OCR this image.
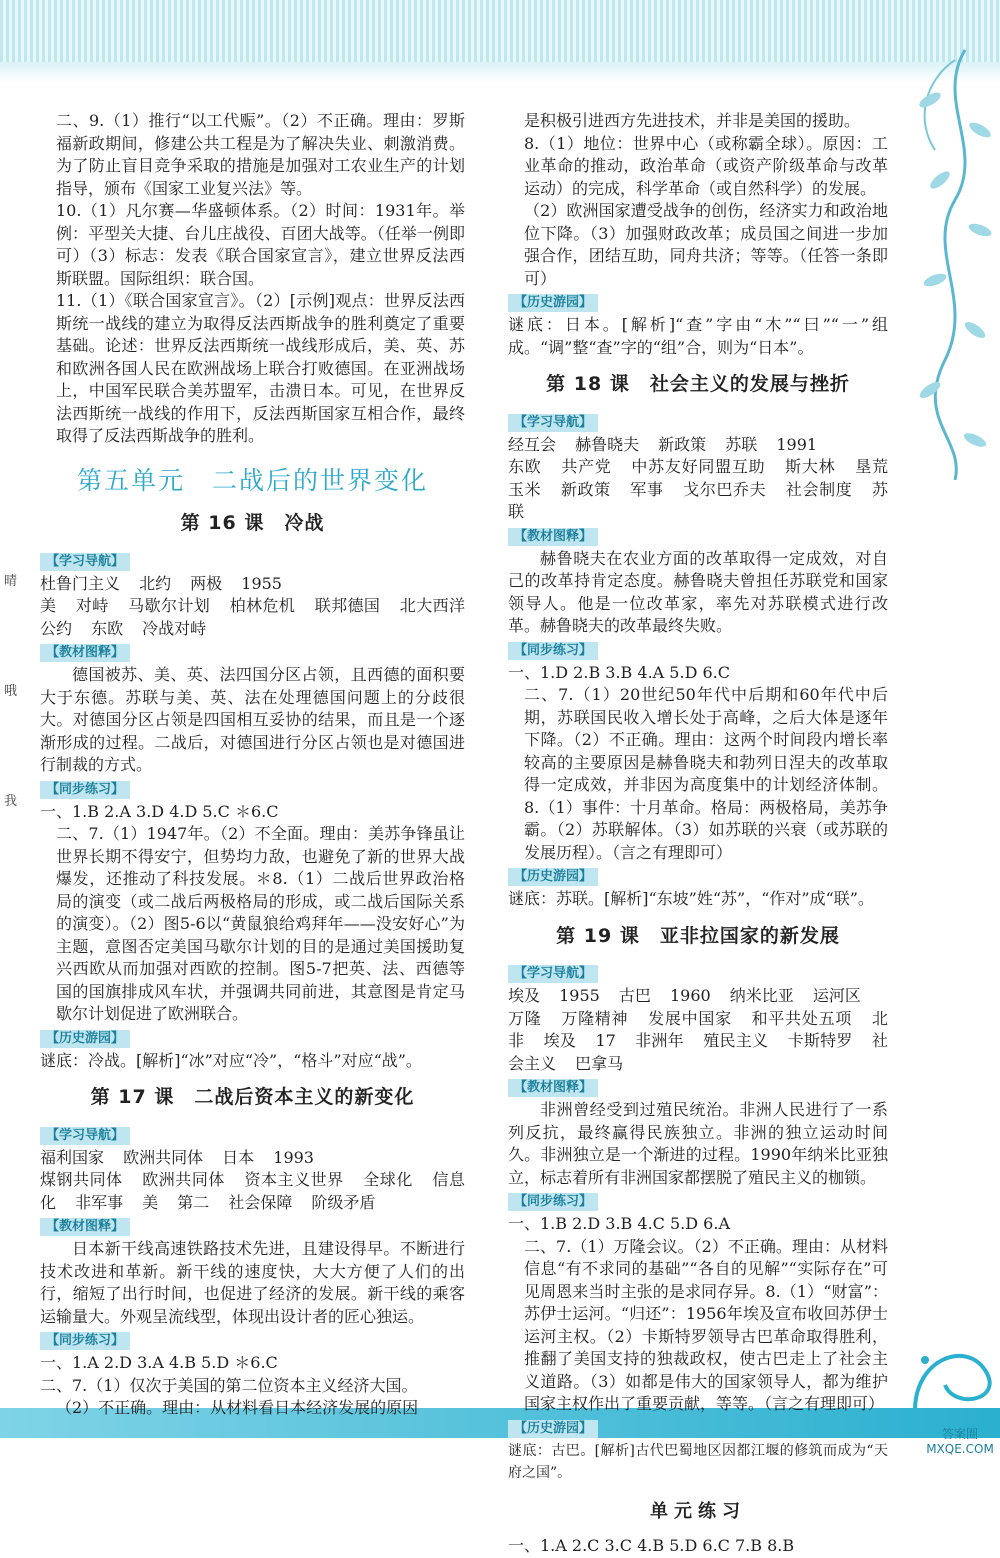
答案圈 MXQE.COM
晴
哦
我

二、9.（1）推行“以工代赈”。（2）不正确。理由：罗斯福新政期间，修建公共工程是为了解决失业、刺激消费。为了防止盲目竞争采取的措施是加强对工农业生产的计划指导，颁布《国家工业复兴法》等。

10.（1）凡尔赛—华盛顿体系。（2）时间：1931年。举例：平型关大捷、台儿庄战役、百团大战等。（任举一例即可）（3）标志：发表《联合国家宣言》，建立世界反法西斯联盟。国际组织：联合国。

11.（1）《联合国家宣言》。（2）[示例]观点：世界反法西斯统一战线的建立为取得反法西斯战争的胜利奠定了重要基础。论述：世界反法西斯统一战线形成后，美、英、苏和欧洲各国人民在欧洲战场上联合打败德国。在亚洲战场上，中国军民联合美苏盟军，击溃日本。可见，在世界反法西斯统一战线的作用下，反法西斯国家互相合作，最终取得了反法西斯战争的胜利。

第五单元　二战后的世界变化
第 16 课　冷战
【学习导航】

杜鲁门主义 北约 两极 1955

美 对峙 马歇尔计划 柏林危机 联邦德国 北大西洋公约 东欧 冷战对峙

【教材图释】

德国被苏、美、英、法四国分区占领，且西德的面积要大于东德。苏联与美、英、法在处理德国问题上的分歧很大。对德国分区占领是四国相互妥协的结果，而且是一个逐渐形成的过程。二战后，对德国进行分区占领也是对德国进行制裁的方式。

【同步练习】

一、1.B 2.A 3.D 4.D 5.C ＊6.C

二、7.（1）1947年。（2）不全面。理由：美苏争锋虽让世界长期不得安宁，但势均力敌，也避免了新的世界大战爆发，还推动了科技发展。＊8.（1）二战后世界政治格局的演变（或二战后两极格局的形成，或二战后国际关系的演变）。（2）图5-6以“黄鼠狼给鸡拜年——没安好心”为主题，意图否定美国马歇尔计划的目的是通过美国援助复兴西欧从而加强对西欧的控制。图5-7把英、法、西德等国的国旗排成风车状，并强调共同前进，其意图是肯定马歇尔计划促进了欧洲联合。

【历史游园】

谜底：冷战。[解析]“冰”对应“冷”，“格斗”对应“战”。

第 17 课　二战后资本主义的新变化
【学习导航】

福利国家 欧洲共同体 日本 1993

煤钢共同体 欧洲共同体 资本主义世界 全球化 信息化 非军事 美 第二 社会保障 阶级矛盾

【教材图释】

日本新干线高速铁路技术先进，且建设得早。不断进行技术改进和革新。新干线的速度快，大大方便了人们的出行，缩短了出行时间，也促进了经济的发展。新干线的乘客运输量大。外观呈流线型，体现出设计者的匠心独运。

【同步练习】

一、1.A 2.D 3.A 4.B 5.D ＊6.C

二、7.（1）仅次于美国的第二位资本主义经济大国。

（2）不正确。理由：从材料看日本经济发展的原因

是积极引进西方先进技术，并非是美国的援助。

8.（1）地位：世界中心（或称霸全球）。原因：工业革命的推动，政治革命（或资产阶级革命与改革运动）的完成，科学革命（或自然科学）的发展。

（2）欧洲国家遭受战争的创伤，经济实力和政治地位下降。（3）加强财政改革；成员国之间进一步加强合作，团结互助，同舟共济；等等。（任答一条即可）

【历史游园】

谜底：日本。[解析]“查”字由“木”“曰”“一”组成。“调”整“查”字的“组”合，则为“日本”。

第 18 课　社会主义的发展与挫折
【学习导航】

经互会 赫鲁晓夫 新政策 苏联 1991

东欧 共产党 中苏友好同盟互助 斯大林 垦荒 玉米 新政策 军事 戈尔巴乔夫 社会制度 苏联

【教材图释】

赫鲁晓夫在农业方面的改革取得一定成效，对自己的改革持肯定态度。赫鲁晓夫曾担任苏联党和国家领导人。他是一位改革家，率先对苏联模式进行改革。赫鲁晓夫的改革最终失败。

【同步练习】

一、1.D 2.B 3.B 4.A 5.D 6.C

二、7.（1）20世纪50年代中后期和60年代中后期，苏联国民收入增长处于高峰，之后大体是逐年下降。（2）不正确。理由：这两个时间段内增长率较高的主要原因是赫鲁晓夫和勃列日涅夫的改革取得一定成效，并非因为高度集中的计划经济体制。8.（1）事件：十月革命。格局：两极格局，美苏争霸。（2）苏联解体。（3）如苏联的兴衰（或苏联的发展历程）。（言之有理即可）

【历史游园】

谜底：苏联。[解析]“东坡”姓“苏”，“作对”成“联”。

第 19 课　亚非拉国家的新发展
【学习导航】

埃及 1955 古巴 1960 纳米比亚 运河区

万隆 万隆精神 发展中国家 和平共处五项 北非 埃及 17 非洲年 殖民主义 卡斯特罗 社会主义 巴拿马

【教材图释】

非洲曾经受到过殖民统治。非洲人民进行了一系列反抗，最终赢得民族独立。非洲的独立运动时间久。非洲独立是一个渐进的过程。1990年纳米比亚独立，标志着所有非洲国家都摆脱了殖民主义的枷锁。

【同步练习】

一、1.B 2.D 3.B 4.C 5.D 6.A

二、7.（1）万隆会议。（2）不正确。理由：从材料信息“有不求同的基础”“各自的见解”“实际存在”可见周恩来当时主张的是求同存异。8.（1）“财富”：苏伊士运河。“归还”：1956年埃及宣布收回苏伊士运河主权。（2）卡斯特罗领导古巴革命取得胜利，推翻了美国支持的独裁政权，使古巴走上了社会主义道路。（3）如都是伟大的国家领导人，都为维护国家主权作出了重要贡献，等等。（言之有理即可）

【历史游园】

谜底：古巴。[解析]古代巴蜀地区因都江堰的修筑而成为“天府之国”。

单元练习

一、1.A 2.C 3.C 4.B 5.D 6.C 7.B 8.B
